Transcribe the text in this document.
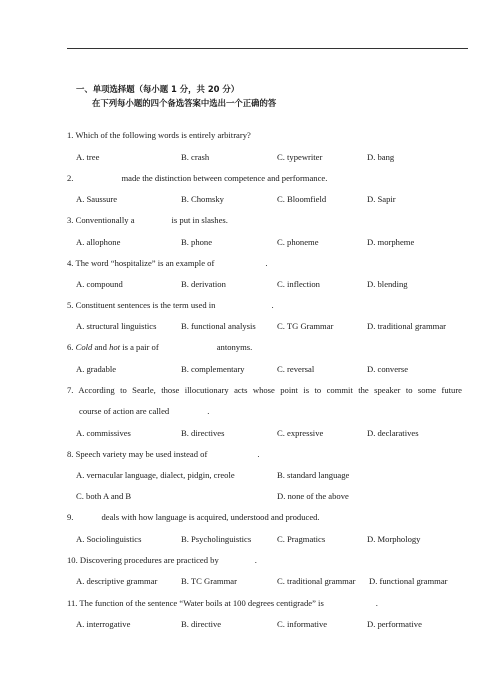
一、单项选择题（每小题 1 分，共 20 分）
在下列每小题的四个备选答案中选出一个正确的答
1. Which of the following words is entirely arbitrary?
A. tree	B. crash	C. typewriter	D. bang
2.	made the distinction between competence and performance.
A. Saussure	B. Chomsky	C. Bloomfield	D. Sapir
3. Conventionally a	is put in slashes.
A. allophone	B. phone	C. phoneme	D. morpheme
4. The word “hospitalize” is an example of	.
A. compound	B. derivation	C. inflection	D. blending
5. Constituent sentences is the term used in	.
A. structural linguistics	B. functional analysis C. TG Grammar	D. traditional grammar
6. Cold and hot is a pair of	antonyms.
A. gradable	B. complementary	C. reversal	D. converse
7. According to Searle, those illocutionary acts whose point is to commit the speaker to some future
course of action are called	.
A. commissives	B. directives	C. expressive	D. declaratives
8. Speech variety may be used instead of	.
A. vernacular language, dialect, pidgin, creole	B. standard language
C. both A and B	D. none of the above
9.	deals with how language is acquired, understood and produced.
A. Sociolinguistics	B. Psycholinguistics	C. Pragmatics	D. Morphology
10. Discovering procedures are practiced by	.
A. descriptive grammar	B. TC Grammar	C. traditional grammar D. functional grammar
11. The function of the sentence “Water boils at 100 degrees centigrade” is	.
A. interrogative	B. directive	C. informative	D. performative
